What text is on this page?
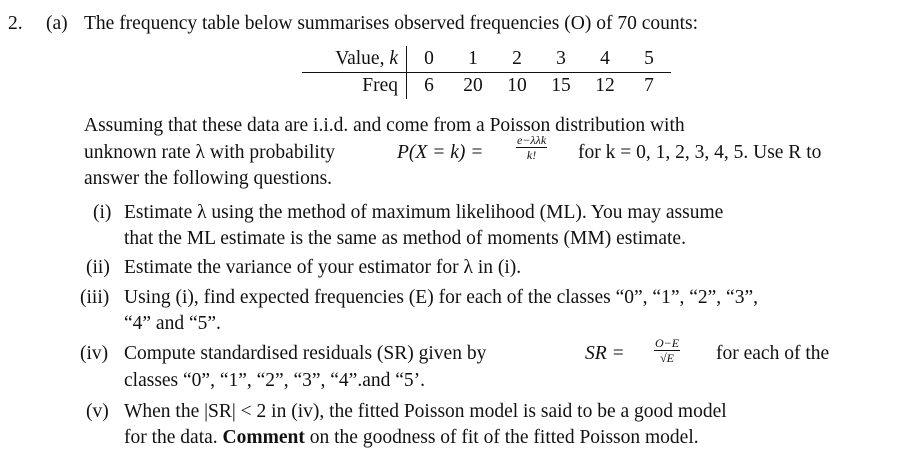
2. (a) The frequency table below summarises observed frequencies (O) of 70 counts:
Value, k	0	1	2	3	4	5
Freq	6	20	10	15	12	7
Assuming that these data are i.i.d. and come from a Poisson distribution with
unknown rate λ with probability	P(X = k) =
e−λλk
k!	for k = 0, 1, 2, 3, 4, 5. Use R to
answer the following questions.
(i) Estimate λ using the method of maximum likelihood (ML). You may assume
that the ML estimate is the same as method of moments (MM) estimate.
(ii) Estimate the variance of your estimator for λ in (i).
(iii) Using (i), find expected frequencies (E) for each of the classes “0”, “1”, “2”, “3”,
“4” and “5”.
(iv) Compute standardised residuals (SR) given by	SR = $\frac{O-E}{√E}$ for each of the
classes “0”, “1”, “2”, “3”, “4”.and “5’.
(v) When the |SR| < 2 in (iv), the fitted Poisson model is said to be a good model
for the data. Comment on the goodness of fit of the fitted Poisson model.
